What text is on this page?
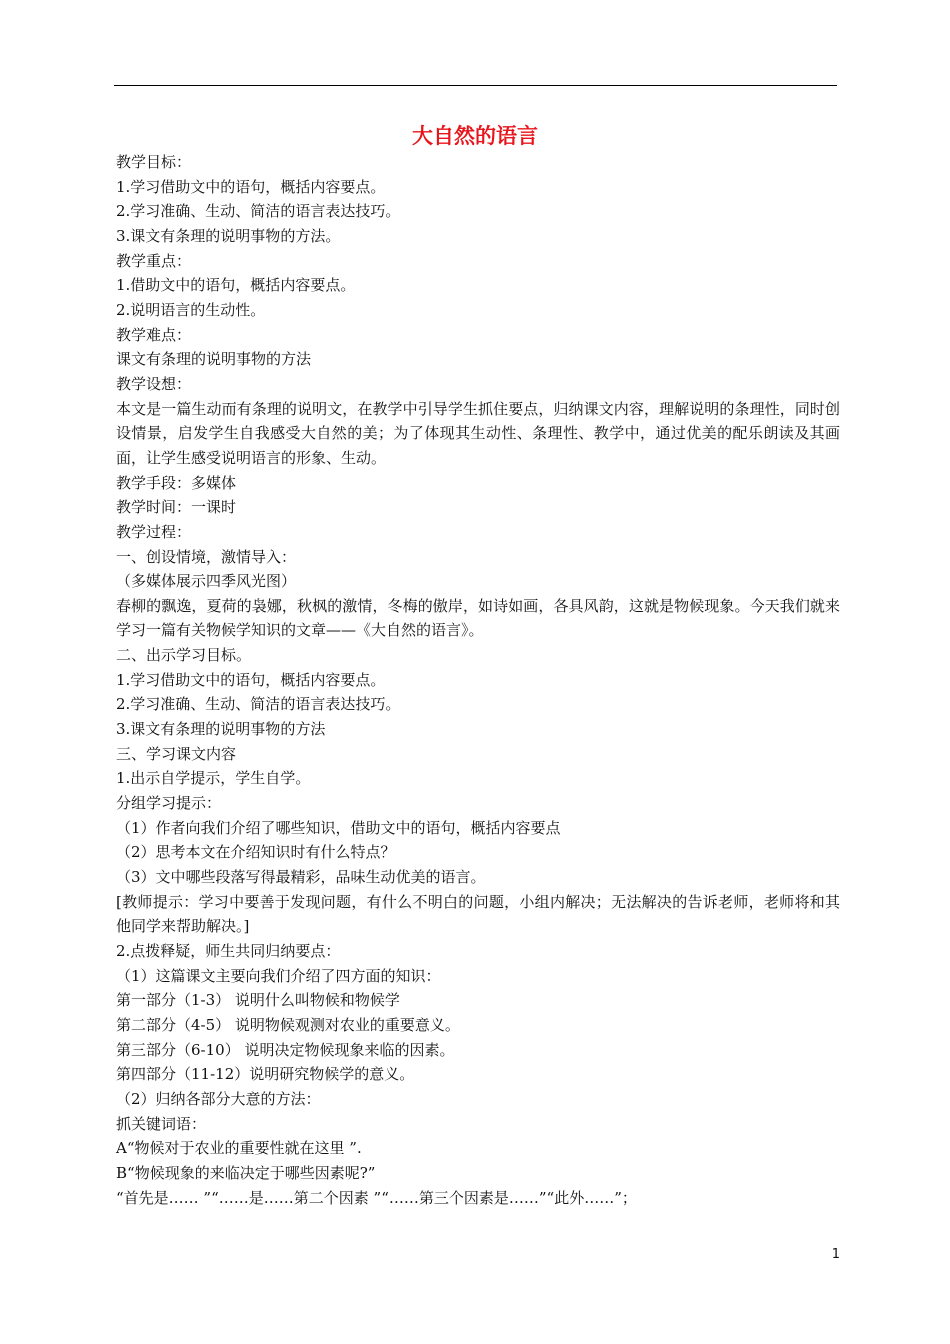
大自然的语言

教学目标：

1.学习借助文中的语句，概括内容要点。

2.学习准确、生动、简洁的语言表达技巧。

3.课文有条理的说明事物的方法。

教学重点：

1.借助文中的语句，概括内容要点。

2.说明语言的生动性。

教学难点：

课文有条理的说明事物的方法

教学设想：

本文是一篇生动而有条理的说明文，在教学中引导学生抓住要点，归纳课文内容，理解说明的条理性，同时创设情景，启发学生自我感受大自然的美；为了体现其生动性、条理性、教学中，通过优美的配乐朗读及其画面，让学生感受说明语言的形象、生动。

教学手段：多媒体

教学时间：一课时

教学过程：

一、创设情境，激情导入：

（多媒体展示四季风光图）

春柳的飘逸，夏荷的袅娜，秋枫的激情，冬梅的傲岸，如诗如画，各具风韵，这就是物候现象。今天我们就来学习一篇有关物候学知识的文章——《大自然的语言》。

二、出示学习目标。

1.学习借助文中的语句，概括内容要点。

2.学习准确、生动、简洁的语言表达技巧。

3.课文有条理的说明事物的方法

三、学习课文内容

1.出示自学提示，学生自学。

分组学习提示：

（1）作者向我们介绍了哪些知识，借助文中的语句，概括内容要点

（2）思考本文在介绍知识时有什么特点？

（3）文中哪些段落写得最精彩，品味生动优美的语言。

[教师提示：学习中要善于发现问题，有什么不明白的问题，小组内解决；无法解决的告诉老师，老师将和其他同学来帮助解决。]

2.点拨释疑，师生共同归纳要点：

（1）这篇课文主要向我们介绍了四方面的知识：

第一部分（1-3） 说明什么叫物候和物候学

第二部分（4-5） 说明物候观测对农业的重要意义。

第三部分（6-10） 说明决定物候现象来临的因素。

第四部分（11-12）说明研究物候学的意义。

（2）归纳各部分大意的方法：

抓关键词语：

A“物候对于农业的重要性就在这里 ”.

B“物候现象的来临决定于哪些因素呢?”

“首先是…… ”“……是……第二个因素 ”“……第三个因素是……”“此外……”；

1
